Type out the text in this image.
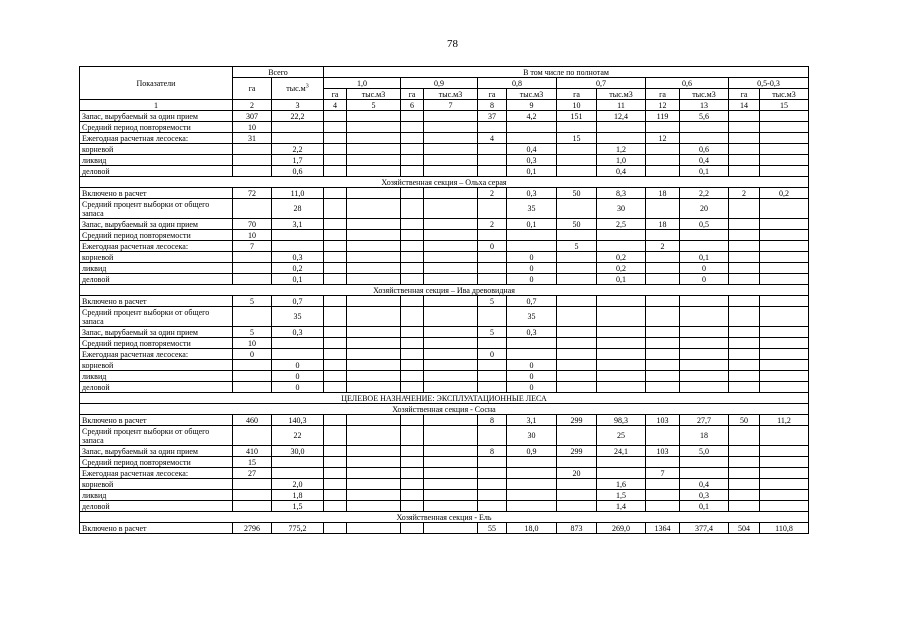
78
Показатели	Всего		В том числе по полнотам											
	га	$тыс.м^3$	1,0		0,9		0,8		0,7		0,6		0,5-0,3	
			га	тыс.м3	га	тыс.м3	га	тыс.м3	га	тыс.м3	га	тыс.м3	га	тыс.м3
1	2	3	4	5	6	7	8	9	10	11	12	13	14	15
Запас, вырубаемый за один прием	307	22,2					37	4,2	151	12,4	119	5,6		
Средний период повторяемости	10													
Ежегодная расчетная лесосека:	31						4		15		12			
корневой		2,2						0,4		1,2		0,6		
ликвид		1,7						0,3		1,0		0,4		
деловой		0,6						0,1		0,4		0,1		
Хозяйственная секция – Ольха серая														
Включено в расчет	72	11,0					2	0,3	50	8,3	18	2,2	2	0,2
Средний процент выборки от общего запаса		28						35		30		20		
Запас, вырубаемый за один прием	70	3,1					2	0,1	50	2,5	18	0,5		
Средний период повторяемости	10													
Ежегодная расчетная лесосека:	7						0		5		2			
корневой		0,3						0		0,2		0,1		
ликвид		0,2						0		0,2		0		
деловой		0,1						0		0,1		0		
Хозяйственная секция – Ива древовидная														
Включено в расчет	5	0,7					5	0,7						
Средний процент выборки от общего запаса		35						35						
Запас, вырубаемый за один прием	5	0,3					5	0,3						
Средний период повторяемости	10													
Ежегодная расчетная лесосека:	0						0							
корневой		0						0						
ликвид		0						0						
деловой		0						0						
ЦЕЛЕВОЕ НАЗНАЧЕНИЕ: ЭКСПЛУАТАЦИОННЫЕ ЛЕСА														
Хозяйственная секция - Сосна														
Включено в расчет	460	140,3					8	3,1	299	98,3	103	27,7	50	11,2
Средний процент выборки от общего запаса		22						30		25		18		
Запас, вырубаемый за один прием	410	30,0					8	0,9	299	24,1	103	5,0		
Средний период повторяемости	15													
Ежегодная расчетная лесосека:	27								20		7			
корневой		2,0								1,6		0,4		
ликвид		1,8								1,5		0,3		
деловой		1,5								1,4		0,1		
Хозяйственная секция - Ель														
Включено в расчет	2796	775,2					55	18,0	873	269,0	1364	377,4	504	110,8
